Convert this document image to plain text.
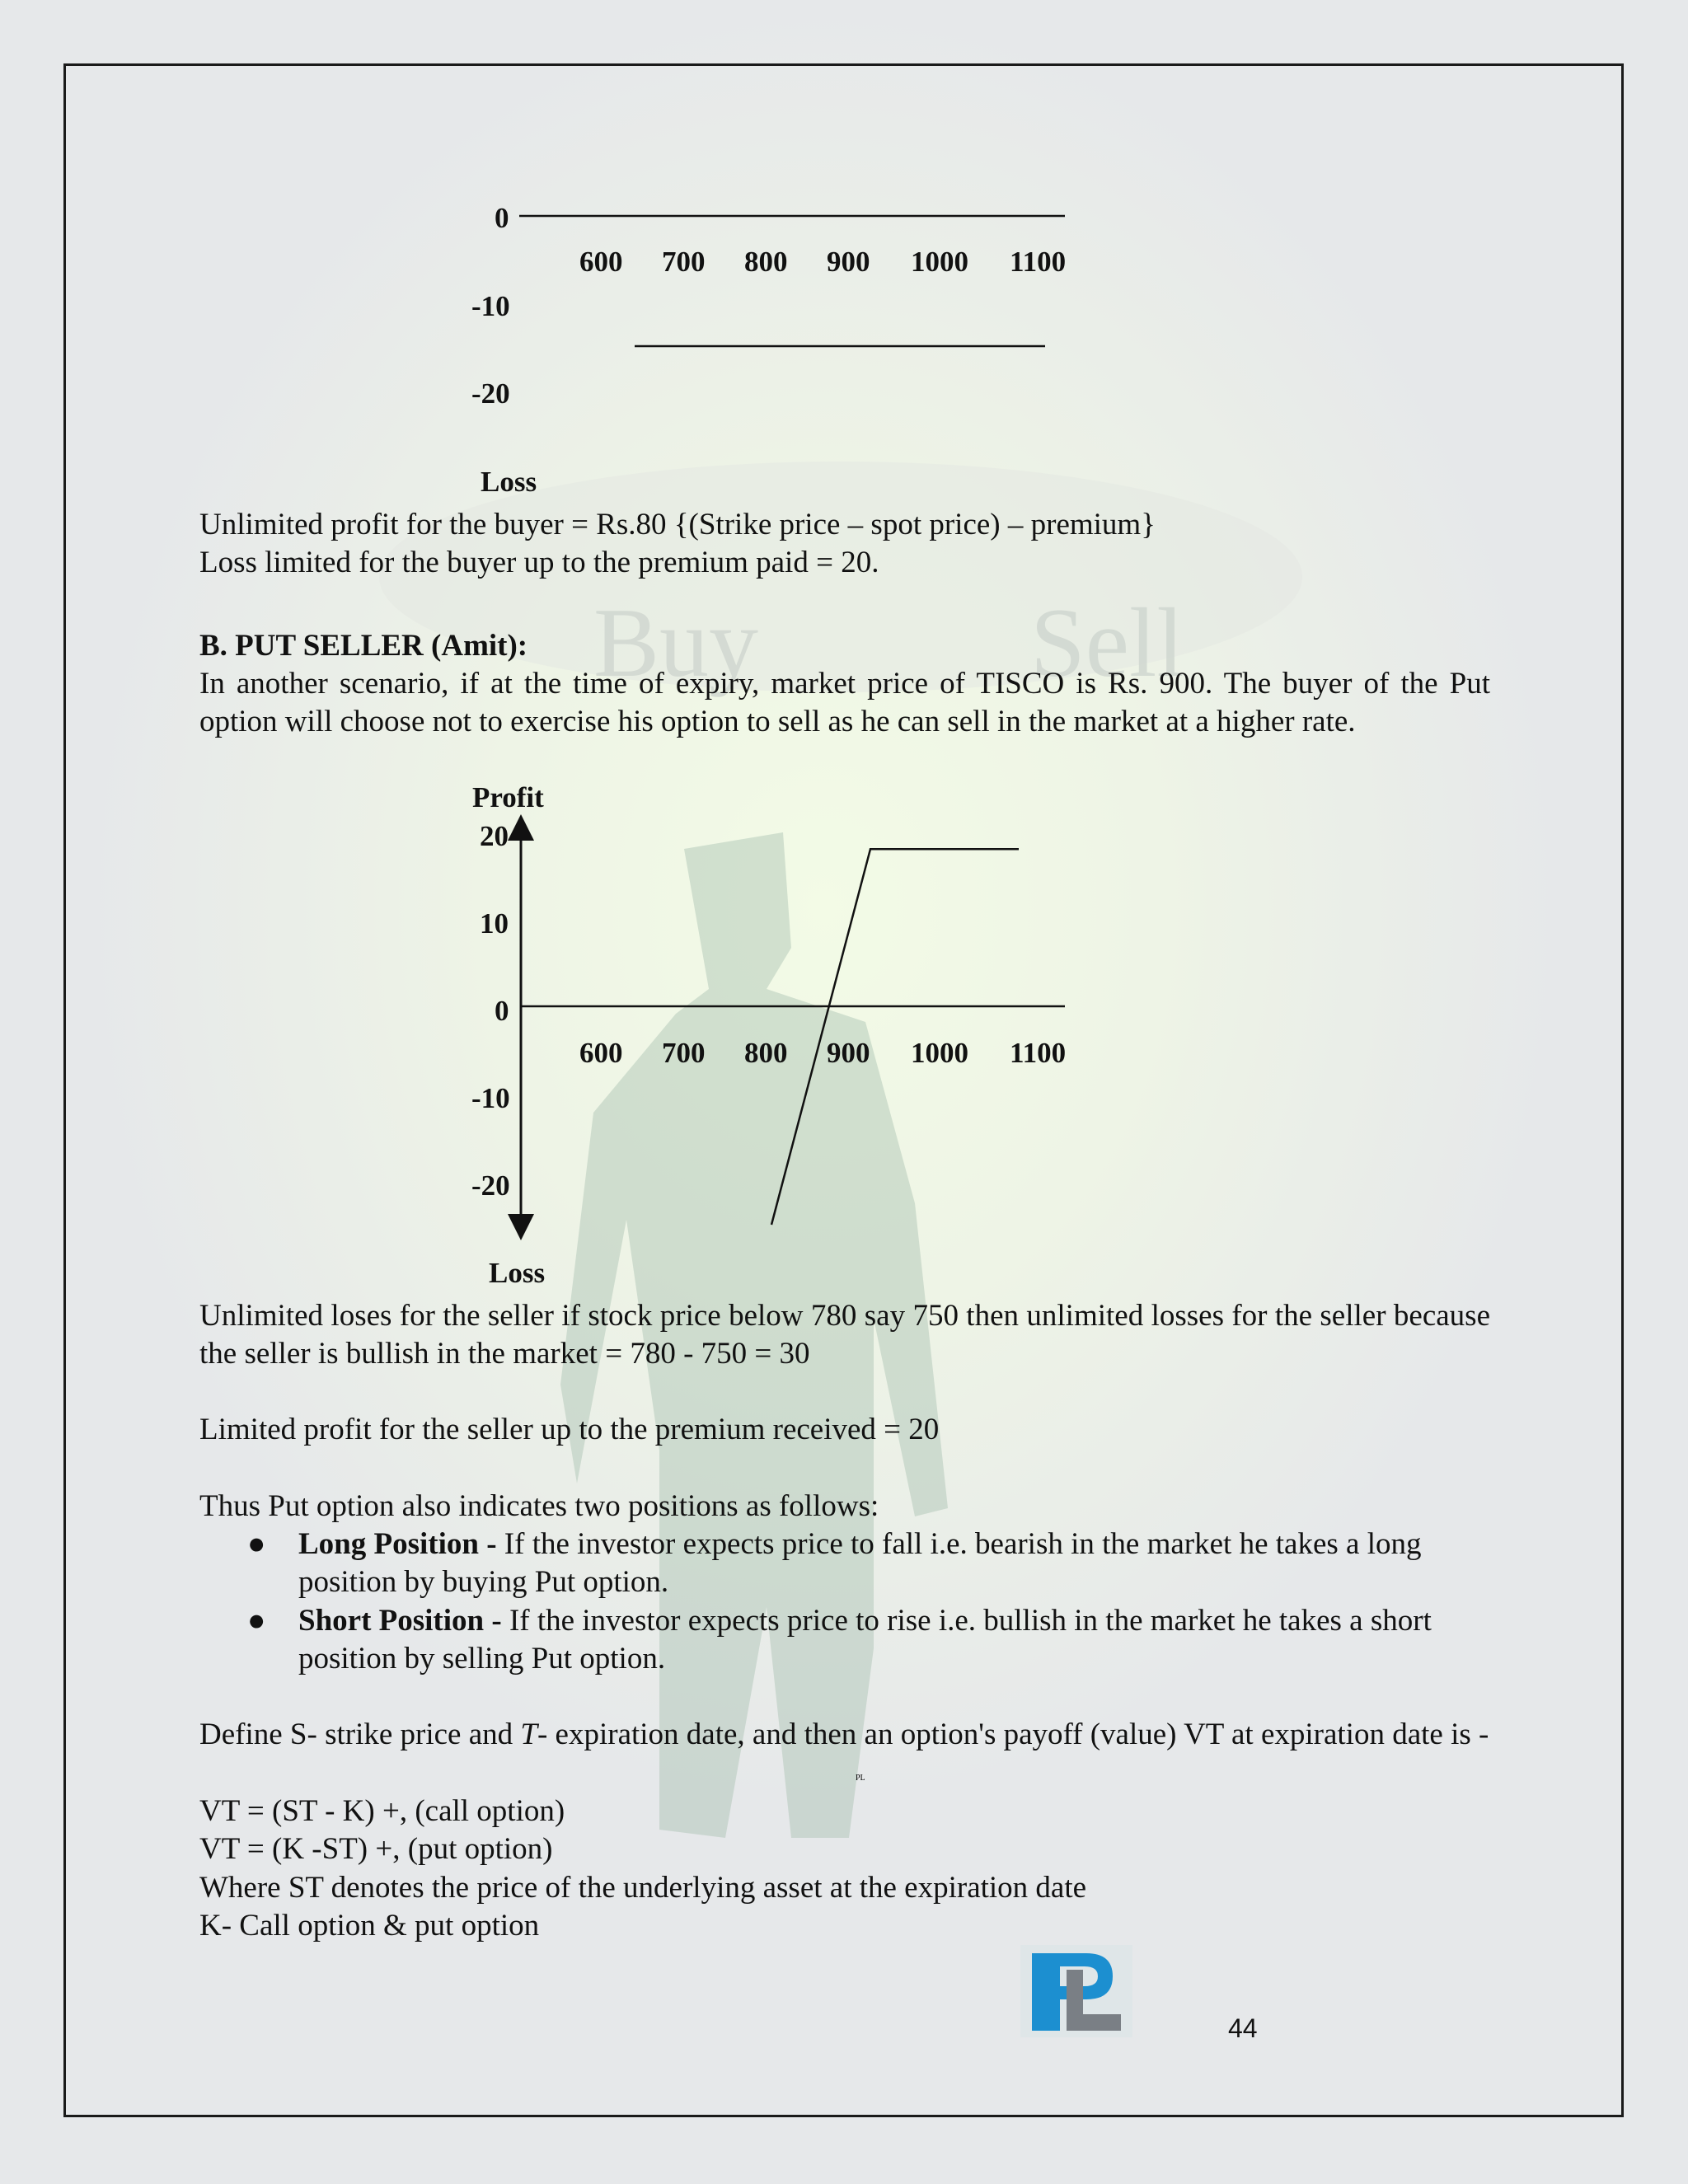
Buy	Sell
0
600 700 800 900 1000 1100
-10
-20
Loss
Unlimited profit for the buyer = Rs.80 {(Strike price – spot price) – premium}
Loss limited for the buyer up to the premium paid = 20.
B. PUT SELLER (Amit):
In another scenario, if at the time of expiry, market price of TISCO is Rs. 900. The buyer of the Put option will choose not to exercise his option to sell as he can sell in the market at a higher rate.
Profit
20
10
0
-10
-20
600 700 800 900 1000 1100
Loss
Unlimited loses for the seller if stock price below 780 say 750 then unlimited losses for the seller because the seller is bullish in the market = 780 - 750 = 30
Limited profit for the seller up to the premium received = 20
Thus Put option also indicates two positions as follows:
● Long Position - If the investor expects price to fall i.e. bearish in the market he takes a long position by buying Put option.
● Short Position - If the investor expects price to rise i.e. bullish in the market he takes a short position by selling Put option.
Define S- strike price and T- expiration date, and then an option's payoff (value) VT at expiration date is -
VT = (ST - K) +, (call option)
VT = (K -ST) +, (put option)
Where ST denotes the price of the underlying asset at the expiration date
K- Call option & put option
PL
44
